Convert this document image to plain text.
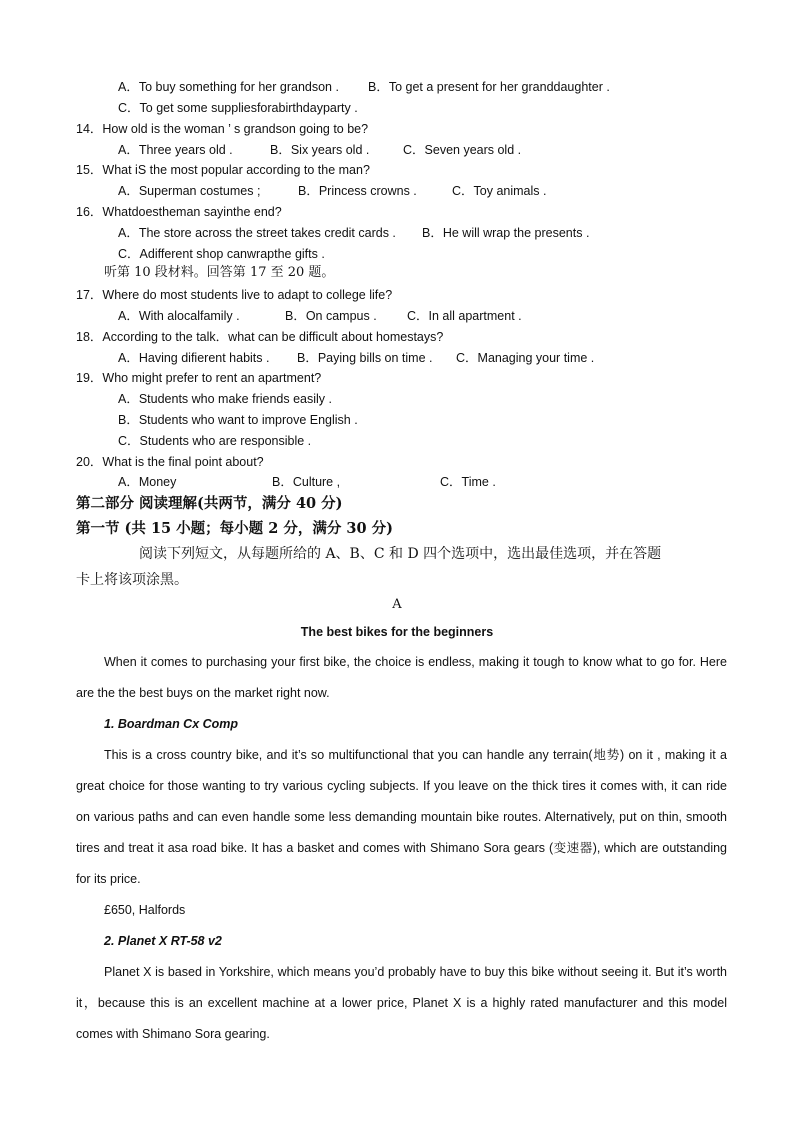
A．To buy something for her grandson . B．To get a present for her granddaughter .
C．To get some suppliesforabirthdayparty .
14．How old is the woman ’ s grandson going to be?
A．Three years old .	B．Six years old .	C．Seven years old .
15．What iS the most popular according to the man?
A．Superman costumes ;	B．Princess crowns .	C．Toy animals .
16．Whatdoestheman sayinthe end?
A．The store across the street takes credit cards . B．He will wrap the presents .
C．Adifferent shop canwrapthe gifts .
听第 10 段材料。回答第 17 至 20 题。
17．Where do most students live to adapt to college life?
A．With alocalfamily .	B．On campus . C．In all apartment .
18．According to the talk．what can be difficult about homestays?
A．Having difierent habits . B．Paying bills on time . C．Managing your time .
19．Who might prefer to rent an apartment?
A．Students who make friends easily .
B．Students who want to improve English .
C．Students who are responsible .
20．What is the final point about?
A．Money	B．Culture ,	C．Time .
第二部分 阅读理解(共两节，满分 40 分)
第一节 (共 15 小题；每小题 2 分，满分 30 分)
阅读下列短文，从每题所给的 A、B、C 和 D 四个选项中，选出最佳选项，并在答题
卡上将该项涂黑。
A
The best bikes for the beginners

When it comes to purchasing your first bike, the choice is endless, making it tough to know what to go for. Here are the the best buys on the market right now.

1. Boardman Cx Comp

This is a cross country bike, and it’s so multifunctional that you can handle any terrain(地势) on it , making it a great choice for those wanting to try various cycling subjects. If you leave on the thick tires it comes with, it can ride on various paths and can even handle some less demanding mountain bike routes. Alternatively, put on thin, smooth tires and treat it asa road bike. It has a basket and comes with Shimano Sora gears (变速器), which are outstanding for its price.

£650, Halfords

2. Planet X RT-58 v2

Planet X is based in Yorkshire, which means you’d probably have to buy this bike without seeing it. But it’s worth it，because this is an excellent machine at a lower price, Planet X is a highly rated manufacturer and this model comes with Shimano Sora gearing.
